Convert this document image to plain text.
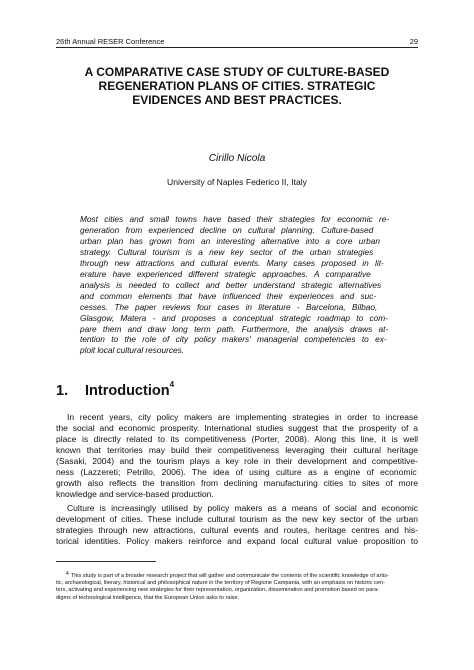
26th Annual RESER Conference	29
A COMPARATIVE CASE STUDY OF CULTURE-BASED
REGENERATION PLANS OF CITIES. STRATEGIC
EVIDENCES AND BEST PRACTICES.
Cirillo Nicola
University of Naples Federico II, Italy
Most cities and small towns have based their strategies for economic re-
generation from experienced decline on cultural planning. Culture-based
urban plan has grown from an interesting alternative into a core urban
strategy. Cultural tourism is a new key sector of the urban strategies
through new attractions and cultural events. Many cases proposed in lit-
erature have experienced different strategic approaches. A comparative
analysis is needed to collect and better understand strategic alternatives
and common elements that have influenced their experiences and suc-
cesses. The paper reviews four cases in literature - Barcelona, Bilbao,
Glasgow, Matera - and proposes a conceptual strategic roadmap to com-
pare them and draw long term path. Furthermore, the analysis draws at-
tention to the role of city policy makers' managerial competencies to ex-
ploit local cultural resources.
1. Introduction$^4$
In recent years, city policy makers are implementing strategies in order to increase
the social and economic prosperity. International studies suggest that the prosperity of a
place is directly related to its competitiveness (Porter, 2008). Along this line, it is well
known that territories may build their competitiveness leveraging their cultural heritage
(Sasaki, 2004) and the tourism plays a key role in their development and competitive-
ness (Lazzereti; Petrillo, 2006). The idea of using culture as a engine of economic
growth also reflects the transition from declining manufacturing cities to sites of more
knowledge and service-based production.
Culture is increasingly utilised by policy makers as a means of social and economic
development of cities. These include cultural tourism as the new key sector of the urban
strategies through new attractions, cultural events and routes, heritage centres and his-
torical identities. Policy makers reinforce and expand local cultural value proposition to
4 This study is part of a broader research project that will gather and communicate the contents of the scientific knowledge of artis-
tic, archaeological, literary, historical and philosophical nature in the territory of Regione Campania, with an emphasis on historic cen-
ters, activating and experiencing new strategies for their representation, organization, dissemination and promotion based on para-
digms of technological intelligence, that the European Union asks to raise.
